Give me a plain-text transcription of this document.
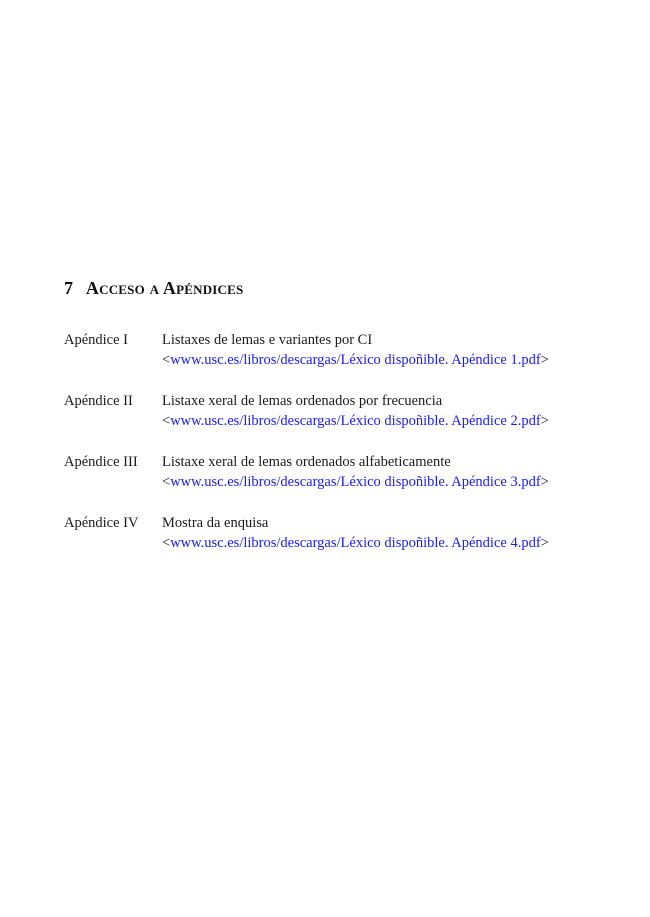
7 Acceso a Apéndices
Apéndice I	Listaxes de lemas e variantes por CI
<www.usc.es/libros/descargas/Léxico dispoñible. Apéndice 1.pdf>
Apéndice II	Listaxe xeral de lemas ordenados por frecuencia
<www.usc.es/libros/descargas/Léxico dispoñible. Apéndice 2.pdf>
Apéndice III	Listaxe xeral de lemas ordenados alfabeticamente
<www.usc.es/libros/descargas/Léxico dispoñible. Apéndice 3.pdf>
Apéndice IV	Mostra da enquisa
<www.usc.es/libros/descargas/Léxico dispoñible. Apéndice 4.pdf>
